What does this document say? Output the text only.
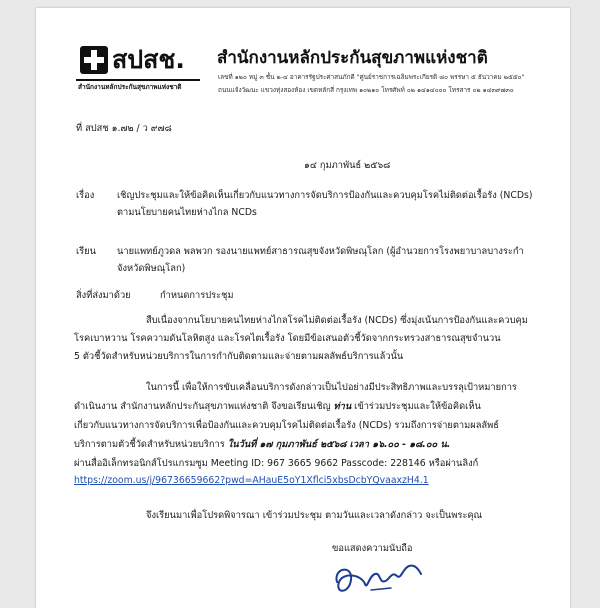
สปสช.
สำนักงานหลักประกันสุขภาพแห่งชาติ
สำนักงานหลักประกันสุขภาพแห่งชาติ
เลขที่ ๑๒๐ หมู่ ๓ ชั้น ๒-๔ อาคารรัฐประศาสนภักดี "ศูนย์ราชการเฉลิมพระเกียรติ ๘๐ พรรษา ๕ ธันวาคม ๒๕๕๐"
ถนนแจ้งวัฒนะ แขวงทุ่งสองห้อง เขตหลักสี่ กรุงเทพ ๑๐๒๑๐ โทรศัพท์ ๐๒ ๑๔๑๔๐๐๐ โทรสาร ๐๒ ๑๔๓๙๗๓๐
ที่ สปสช ๑.๗๒ / ว ๙๗๘
๑๔ กุมภาพันธ์ ๒๕๖๘
เรื่อง เชิญประชุมและให้ข้อคิดเห็นเกี่ยวกับแนวทางการจัดบริการป้องกันและควบคุมโรคไม่ติดต่อเรื้อรัง (NCDs)
ตามนโยบายคนไทยห่างไกล NCDs
เรียน นายแพทย์ภูวดล พลพวก รองนายแพทย์สาธารณสุขจังหวัดพิษณุโลก (ผู้อำนวยการโรงพยาบาลบางระกำ
จังหวัดพิษณุโลก)
สิ่งที่ส่งมาด้วย	กำหนดการประชุม
สืบเนื่องจากนโยบายคนไทยห่างไกลโรคไม่ติดต่อเรื้อรัง (NCDs) ซึ่งมุ่งเน้นการป้องกันและควบคุม
โรคเบาหวาน โรคความดันโลหิตสูง และโรคไตเรื้อรัง โดยมีข้อเสนอตัวชี้วัดจากกระทรวงสาธารณสุขจำนวน
5 ตัวชี้วัดสำหรับหน่วยบริการในการกำกับติดตามและจ่ายตามผลลัพธ์บริการแล้วนั้น
ในการนี้ เพื่อให้การขับเคลื่อนบริการดังกล่าวเป็นไปอย่างมีประสิทธิภาพและบรรลุเป้าหมายการ
ดำเนินงาน สำนักงานหลักประกันสุขภาพแห่งชาติ จึงขอเรียนเชิญ ท่าน เข้าร่วมประชุมและให้ข้อคิดเห็น
เกี่ยวกับแนวทางการจัดบริการเพื่อป้องกันและควบคุมโรคไม่ติดต่อเรื้อรัง (NCDs) รวมถึงการจ่ายตามผลลัพธ์
บริการตามตัวชี้วัดสำหรับหน่วยบริการ ในวันที่ ๑๗ กุมภาพันธ์ ๒๕๖๘ เวลา ๑๖.๐๐ - ๑๘.๐๐ น.
ผ่านสื่ออิเล็กทรอนิกส์โปรแกรมซูม Meeting ID: 967 3665 9662 Passcode: 228146 หรือผ่านลิงก์
https://zoom.us/j/96736659662?pwd=AHauE5oY1Xflci5xbsDcbYQvaaxzH4.1
จึงเรียนมาเพื่อโปรดพิจารณา เข้าร่วมประชุม ตามวันและเวลาดังกล่าว จะเป็นพระคุณ
ขอแสดงความนับถือ
